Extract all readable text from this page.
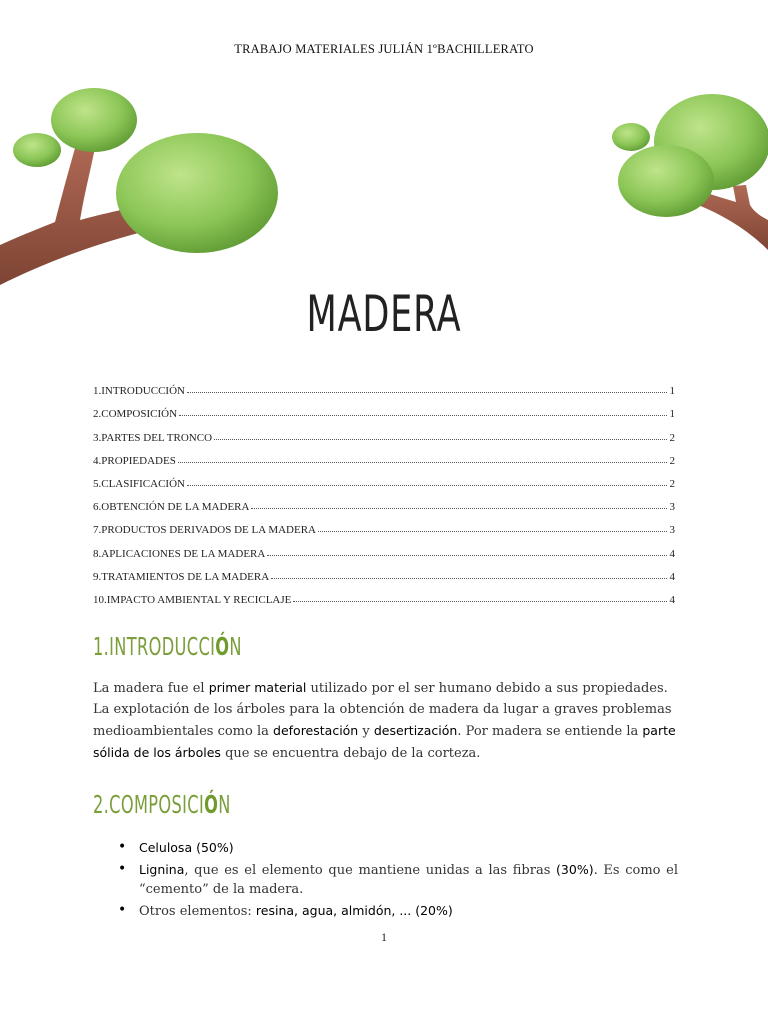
TRABAJO MATERIALES JULIÁN 1ºBACHILLERATO
MADERA
1.INTRODUCCIÓN	1
2.COMPOSICIÓN	1
3.PARTES DEL TRONCO	2
4.PROPIEDADES	2
5.CLASIFICACIÓN	2
6.OBTENCIÓN DE LA MADERA	3
7.PRODUCTOS DERIVADOS DE LA MADERA	3
8.APLICACIONES DE LA MADERA	4
9.TRATAMIENTOS DE LA MADERA	4
10.IMPACTO AMBIENTAL Y RECICLAJE	4
1.INTRODUCCIÓN

La madera fue el primer material utilizado por el ser humano debido a sus propiedades. La explotación de los árboles para la obtención de madera da lugar a graves problemas medioambientales como la deforestación y desertización. Por madera se entiende la parte sólida de los árboles que se encuentra debajo de la corteza.

2.COMPOSICIÓN
• Celulosa (50%)
• Lignina, que es el elemento que mantiene unidas a las fibras (30%). Es como el “cemento” de la madera.
• Otros elementos: resina, agua, almidón, ... (20%)
1
